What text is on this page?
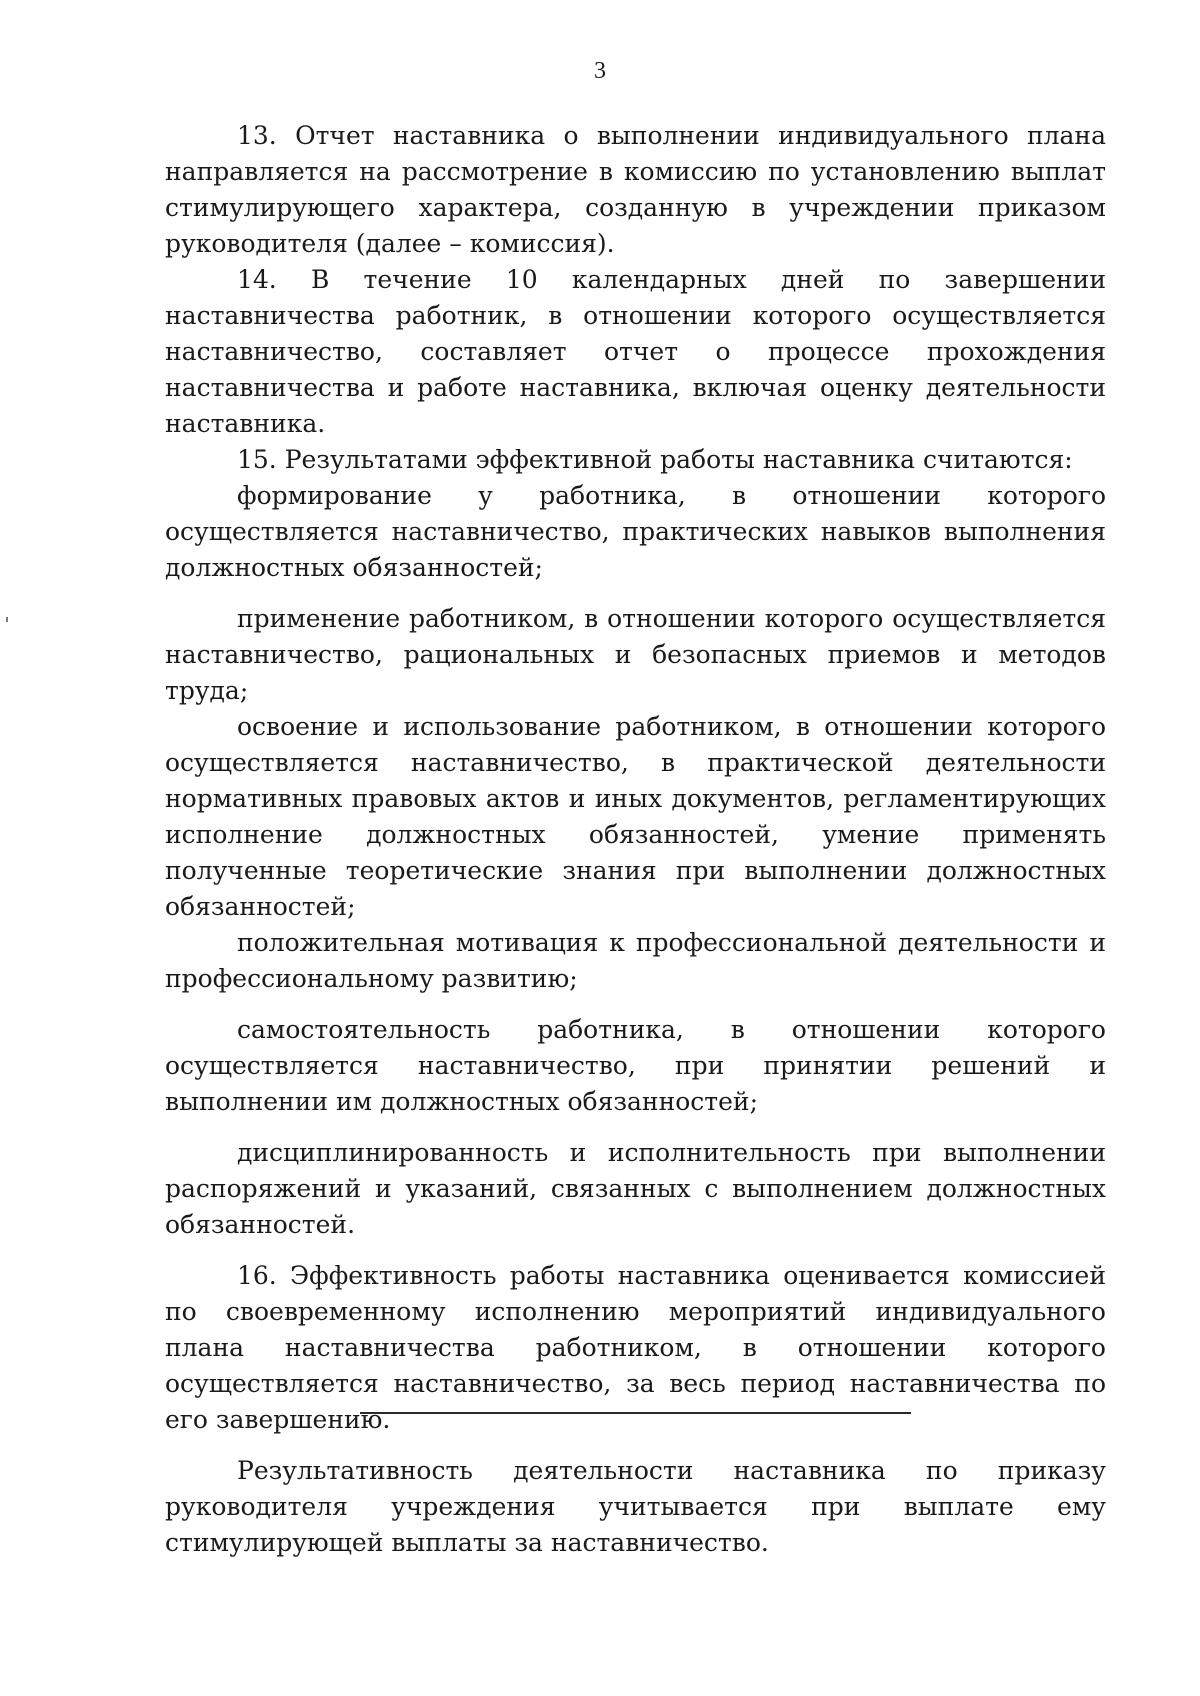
3

13. Отчет наставника о выполнении индивидуального плана направляется на рассмотрение в комиссию по установлению выплат стимулирующего характера, созданную в учреждении приказом руководителя (далее – комиссия).

14. В течение 10 календарных дней по завершении наставничества работник, в отношении которого осуществляется наставничество, составляет отчет о процессе прохождения наставничества и работе наставника, включая оценку деятельности наставника.

15. Результатами эффективной работы наставника считаются:

формирование у работника, в отношении которого осуществляется наставничество, практических навыков выполнения должностных обязанностей;

применение работником, в отношении которого осуществляется наставничество, рациональных и безопасных приемов и методов труда;

освоение и использование работником, в отношении которого осуществляется наставничество, в практической деятельности нормативных правовых актов и иных документов, регламентирующих исполнение должностных обязанностей, умение применять полученные теоретические знания при выполнении должностных обязанностей;

положительная мотивация к профессиональной деятельности и профессиональному развитию;

самостоятельность работника, в отношении которого осуществляется наставничество, при принятии решений и выполнении им должностных обязанностей;

дисциплинированность и исполнительность при выполнении распоряжений и указаний, связанных с выполнением должностных обязанностей.

16. Эффективность работы наставника оценивается комиссией по своевременному исполнению мероприятий индивидуального плана наставничества работником, в отношении которого осуществляется наставничество, за весь период наставничества по его завершению.

Результативность деятельности наставника по приказу руководителя учреждения учитывается при выплате ему стимулирующей выплаты за наставничество.
